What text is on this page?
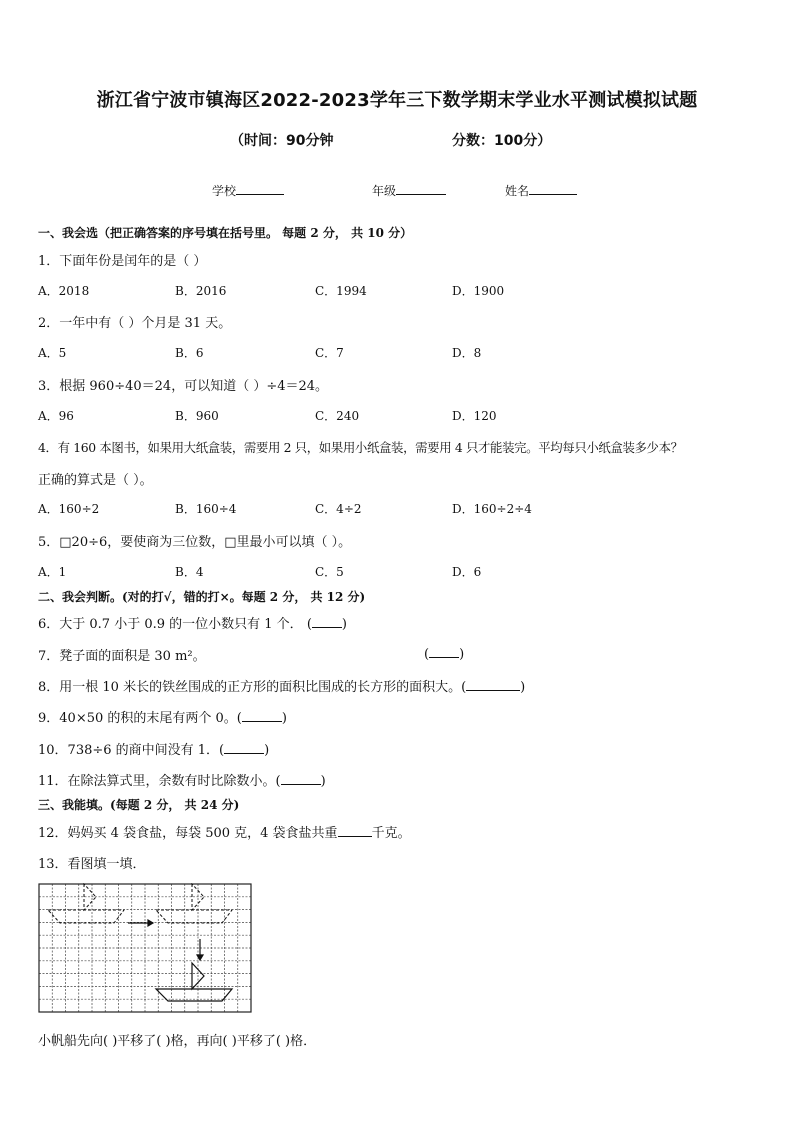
浙江省宁波市镇海区2022-2023学年三下数学期末学业水平测试模拟试题
（时间：90分钟	分数：100分）
学校	年级	姓名
一、我会选（把正确答案的序号填在括号里。 每题 2 分， 共 10 分）
1．下面年份是闰年的是（ ）
A．2018	B．2016	C．1994	D．1900
2．一年中有（ ）个月是 31 天。
A．5	B．6	C．7	D．8
3．根据 960÷40＝24，可以知道（ ）÷4＝24。
A．96	B．960	C．240	D．120
4．有 160 本图书，如果用大纸盒装，需要用 2 只，如果用小纸盒装，需要用 4 只才能装完。平均每只小纸盒装多少本？
正确的算式是（ ）。
A．160÷2	B．160÷4	C．4÷2	D．160÷2÷4
5．□20÷6，要使商为三位数，□里最小可以填（ ）。
A．1	B．4	C．5	D．6
二、我会判断。(对的打√，错的打×。每题 2 分， 共 12 分)
6．大于 0.7 小于 0.9 的一位小数只有 1 个． ( )
7．凳子面的面积是 30 m²。	( )
8．用一根 10 米长的铁丝围成的正方形的面积比围成的长方形的面积大。(	)
9．40×50 的积的末尾有两个 0。(	)
10．738÷6 的商中间没有 1．(	)
11．在除法算式里，余数有时比除数小。(	)
三、我能填。(每题 2 分， 共 24 分)
12．妈妈买 4 袋食盐，每袋 500 克，4 袋食盐共重	千克。
13．看图填一填．
小帆船先向( )平移了( )格，再向( )平移了( )格．
